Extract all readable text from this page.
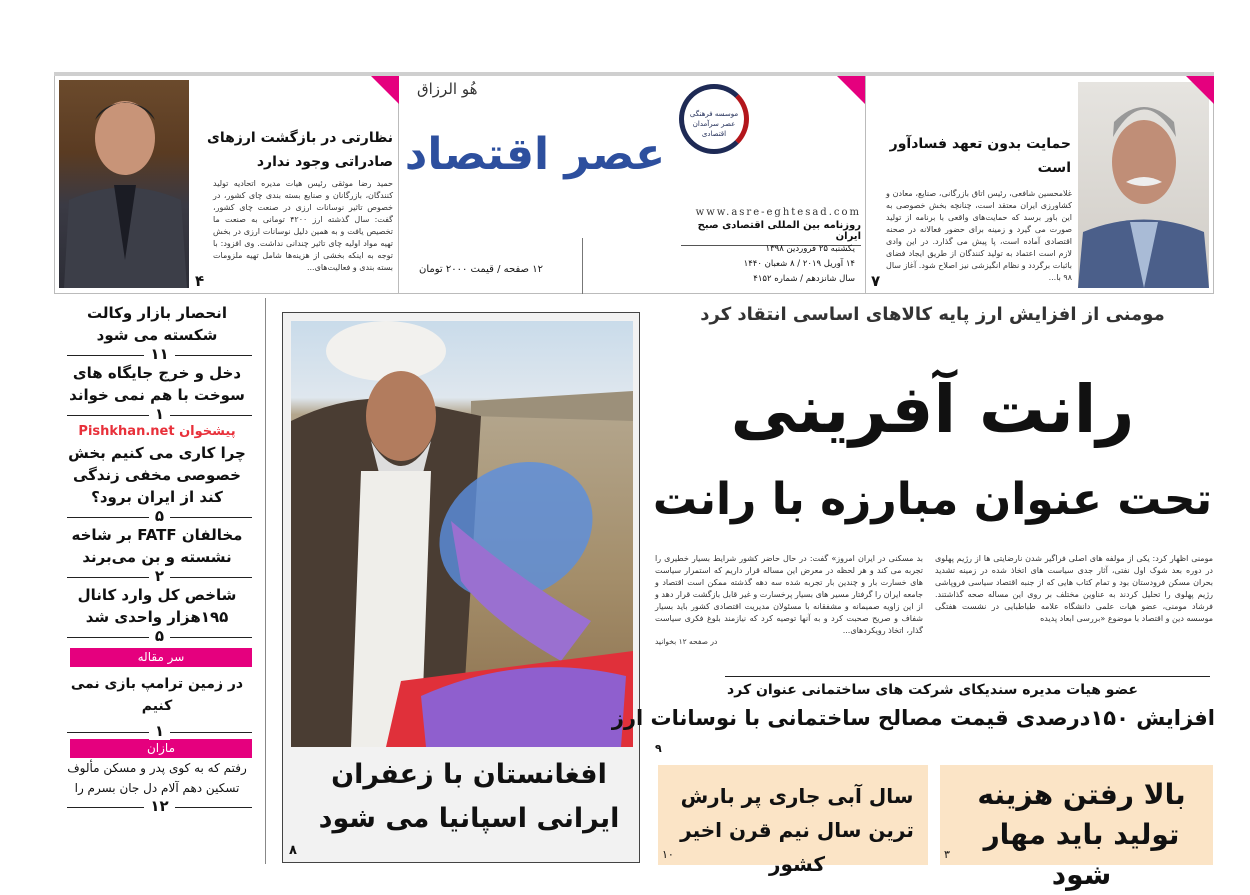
نظارتی در بازگشت ارزهای صادراتی وجود ندارد
حمید رضا موثقی رئیس هیات مدیره اتحادیه تولید کنندگان، بازرگانان و صنایع بسته بندی چای کشور، در خصوص تاثیر نوسانات ارزی در صنعت چای کشور، گفت: سال گذشته ارز ۴۲۰۰ تومانی به صنعت ما تخصیص یافت و به همین دلیل نوسانات ارزی در بخش تهیه مواد اولیه چای تاثیر چندانی نداشت. وی افزود: با توجه به اینکه بخشی از هزینه‌ها شامل تهیه ملزومات بسته بندی و فعالیت‌های...
۴
هُو الرزاق
عصر اقتصاد
موسسه فرهنگی عصر سرآمدان اقتصادی
www.asre-eghtesad.com
روزنامه بین المللی اقتصادی صبح ایران
یکشنبه ۲۵ فروردین ۱۳۹۸
۱۴ آوریل ۲۰۱۹ / ۸ شعبان ۱۴۴۰
سال شانزدهم / شماره ۴۱۵۲
۱۲ صفحه / قیمت ۲۰۰۰ تومان
حمایت بدون تعهد فسادآور است
غلامحسین شافعی، رئیس اتاق بازرگانی، صنایع، معادن و کشاورزی ایران معتقد است، چنانچه بخش خصوصی به این باور برسد که حمایت‌های واقعی با برنامه از تولید صورت می گیرد و زمینه برای حضور فعالانه در صحنه اقتصادی آماده است، پا پیش می گذارد. در این وادی لازم است اعتماد به تولید کنندگان از طریق ایجاد فضای باثبات برگردد و نظام انگیزشی نیز اصلاح شود. آغاز سال ۹۸ با...
۷
انحصار بازار وکالت شکسته می شود
۱۱
دخل و خرج جایگاه های سوخت با هم نمی خواند
۱
پیشخوان Pishkhan.net
چرا کاری می کنیم بخش خصوصی مخفی زندگی کند از ایران برود؟
۵
مخالفان FATF بر شاخه نشسته و بن می‌برند
۲
شاخص کل وارد کانال ۱۹۵هزار واحدی شد
۵
سر مقاله
در زمین ترامپ بازی نمی کنیم
۱
مازان
رفتم که به کوی پدر و مسکن مألوف تسکین دهم آلام دل جان بسرم را
۱۲
افغانستان با زعفران ایرانی اسپانیا می شود
۸
مومنی از افزایش ارز پایه کالاهای اساسی انتقاد کرد
رانت آفرینی
تحت عنوان مبارزه با رانت
مومنی اظهار کرد: یکی از مولفه های اصلی فراگیر شدن نارضایتی ها از رژیم پهلوی در دوره بعد شوک اول نفتی، آثار جدی سیاست های اتخاذ شده در زمینه تشدید بحران مسکن فرودستان بود و تمام کتاب هایی که از جنبه اقتصاد سیاسی فروپاشی رژیم پهلوی را تحلیل کردند به عناوین مختلف بر روی این مساله صحه گذاشتند. فرشاد مومنی، عضو هیات علمی دانشگاه علامه طباطبایی در نشست هفتگی موسسه دین و اقتصاد با موضوع «بررسی ابعاد پدیده
بد مسکنی در ایران امروز» گفت: در حال حاضر کشور شرایط بسیار خطیری را تجربه می کند و هر لحظه در معرض این مساله قرار داریم که استمرار سیاست های خسارت بار و چندین بار تجربه شده سه دهه گذشته ممکن است اقتصاد و جامعه ایران را گرفتار مسیر های بسیار پرخسارت و غیر قابل بازگشت قرار دهد و از این زاویه صمیمانه و مشفقانه با مسئولان مدیریت اقتصادی کشور باید بسیار شفاف و صریح صحبت کرد و به آنها توصیه کرد که نیازمند بلوغ فکری سیاست گذار، اتخاذ رویکردهای...
در صفحه ۱۲ بخوانید
عضو هیات مدیره سندیکای شرکت های ساختمانی عنوان کرد
افزایش ۱۵۰درصدی قیمت مصالح ساختمانی با نوسانات ارز
۹
سال آبی جاری پر بارش ترین سال نیم قرن اخیر کشور
۱۰
بالا رفتن هزینه تولید باید مهار شود
۳
